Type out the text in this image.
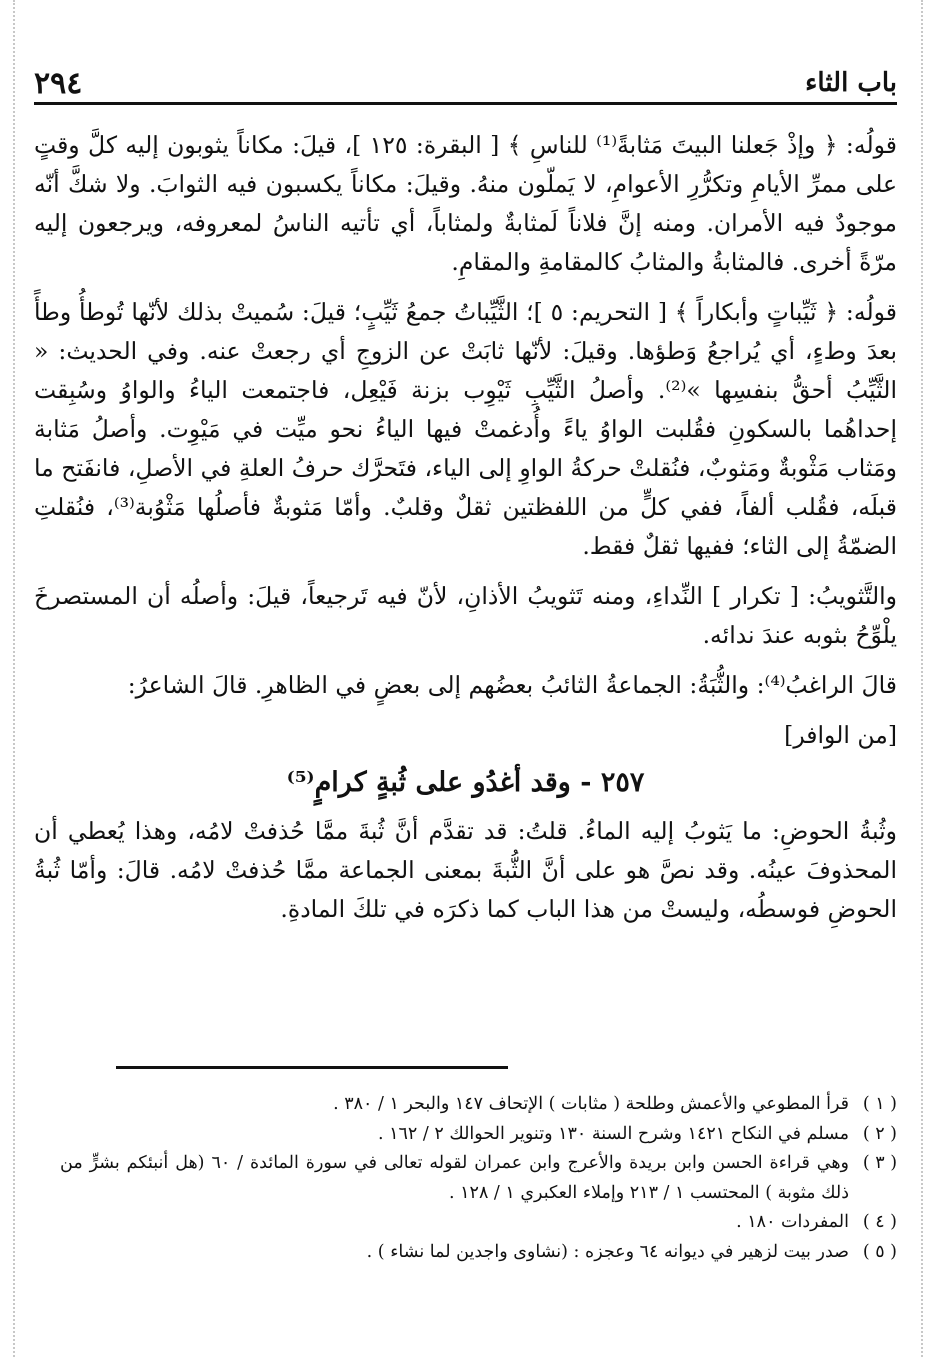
باب الثاء
٢٩٤

قولُه: ﴿ وإذْ جَعلنا البيتَ مَثابةً⁽¹⁾ للناسِ ﴾ [ البقرة: ١٢٥ ]، قيلَ: مكاناً يثوبون إليه كلَّ وقتٍ على ممرِّ الأيامِ وتكرُّرِ الأعوامِ، لا يَملّون منهُ. وقيلَ: مكاناً يكسبون فيه الثوابَ. ولا شكَّ أنّه موجودٌ فيه الأمران. ومنه إنَّ فلاناً لَمثابةٌ ولمثاباً، أي تأتيه الناسُ لمعروفه، ويرجعون إليه مرّةً أخرى. فالمثابةُ والمثابُ كالمقامةِ والمقامِ.

قولُه: ﴿ ثَيِّباتٍ وأبكاراً ﴾ [ التحريم: ٥ ]؛ الثَّيِّباتُ جمعُ ثَيِّبٍ؛ قيلَ: سُميتْ بذلك لأنّها تُوطأُ وطأً بعدَ وطءٍ، أي يُراجعُ وَطؤها. وقيلَ: لأنّها ثابَتْ عن الزوجِ أي رجعتْ عنه. وفي الحديث: « الثَّيِّبُ أحقُّ بنفسِها »⁽²⁾. وأصلُ الثَّيِّبِ ثَيْوِب بزنة فَيْعِل، فاجتمعت الياءُ والواوُ وسُبِقت إحداهُما بالسكونِ فقُلبت الواوُ ياءً وأُدغمتْ فيها الياءُ نحو ميِّت في مَيْوِت. وأصلُ مَثابة ومَثاب مَثْوبةٌ ومَثوبٌ، فنُقلتْ حركةُ الواوِ إلى الياء، فتَحرَّك حرفُ العلةِ في الأصلِ، فانفَتح ما قبلَه، فقُلب ألفاً، ففي كلٍّ من اللفظتين ثقلٌ وقلبٌ. وأمّا مَثوبةٌ فأصلُها مَثْوُبة⁽³⁾، فنُقلتِ الضمّةُ إلى الثاء؛ ففيها ثقلٌ فقط.

والتَّثويبُ: [ تكرار ] النِّداءِ، ومنه تَثويبُ الأذانِ، لأنّ فيه تَرجيعاً، قيلَ: وأصلُه أن المستصرخَ يلْوِّحُ بثوبه عندَ ندائه.

قالَ الراغبُ⁽⁴⁾: والثُّبَةُ: الجماعةُ الثائبُ بعضُهم إلى بعضٍ في الظاهرِ. قالَ الشاعرُ:

[من الوافر]

٢٥٧ - وقد أغدُو على ثُبةٍ كرامٍ⁽⁵⁾

وثُبةُ الحوضِ: ما يَثوبُ إليه الماءُ. قلتُ: قد تقدَّم أنَّ ثُبةَ ممَّا حُذفتْ لامُه، وهذا يُعطي أن المحذوفَ عينُه. وقد نصَّ هو على أنَّ الثُّبةَ بمعنى الجماعة ممَّا حُذفتْ لامُه. قالَ: وأمّا ثُبةُ الحوضِ فوسطُه، وليستْ من هذا الباب كما ذكرَه في تلكَ المادةِ.

( ١ )قرأ المطوعي والأعمش وطلحة ( مثابات ) الإتحاف ١٤٧ والبحر ١ / ٣٨٠ .

( ٢ )مسلم في النكاح ١٤٢١ وشرح السنة ١٣٠ وتنوير الحوالك ٢ / ١٦٢ .

( ٣ )وهي قراءة الحسن وابن بريدة والأعرج وابن عمران لقوله تعالى في سورة المائدة / ٦٠ (هل أنبئكم بشرٍّ من ذلك مثوبة ) المحتسب ١ / ٢١٣ وإملاء العكبري ١ / ١٢٨ .

( ٤ )المفردات ١٨٠ .

( ٥ )صدر بيت لزهير في ديوانه ٦٤ وعجزه : (نشاوى واجدين لما نشاء ) .
